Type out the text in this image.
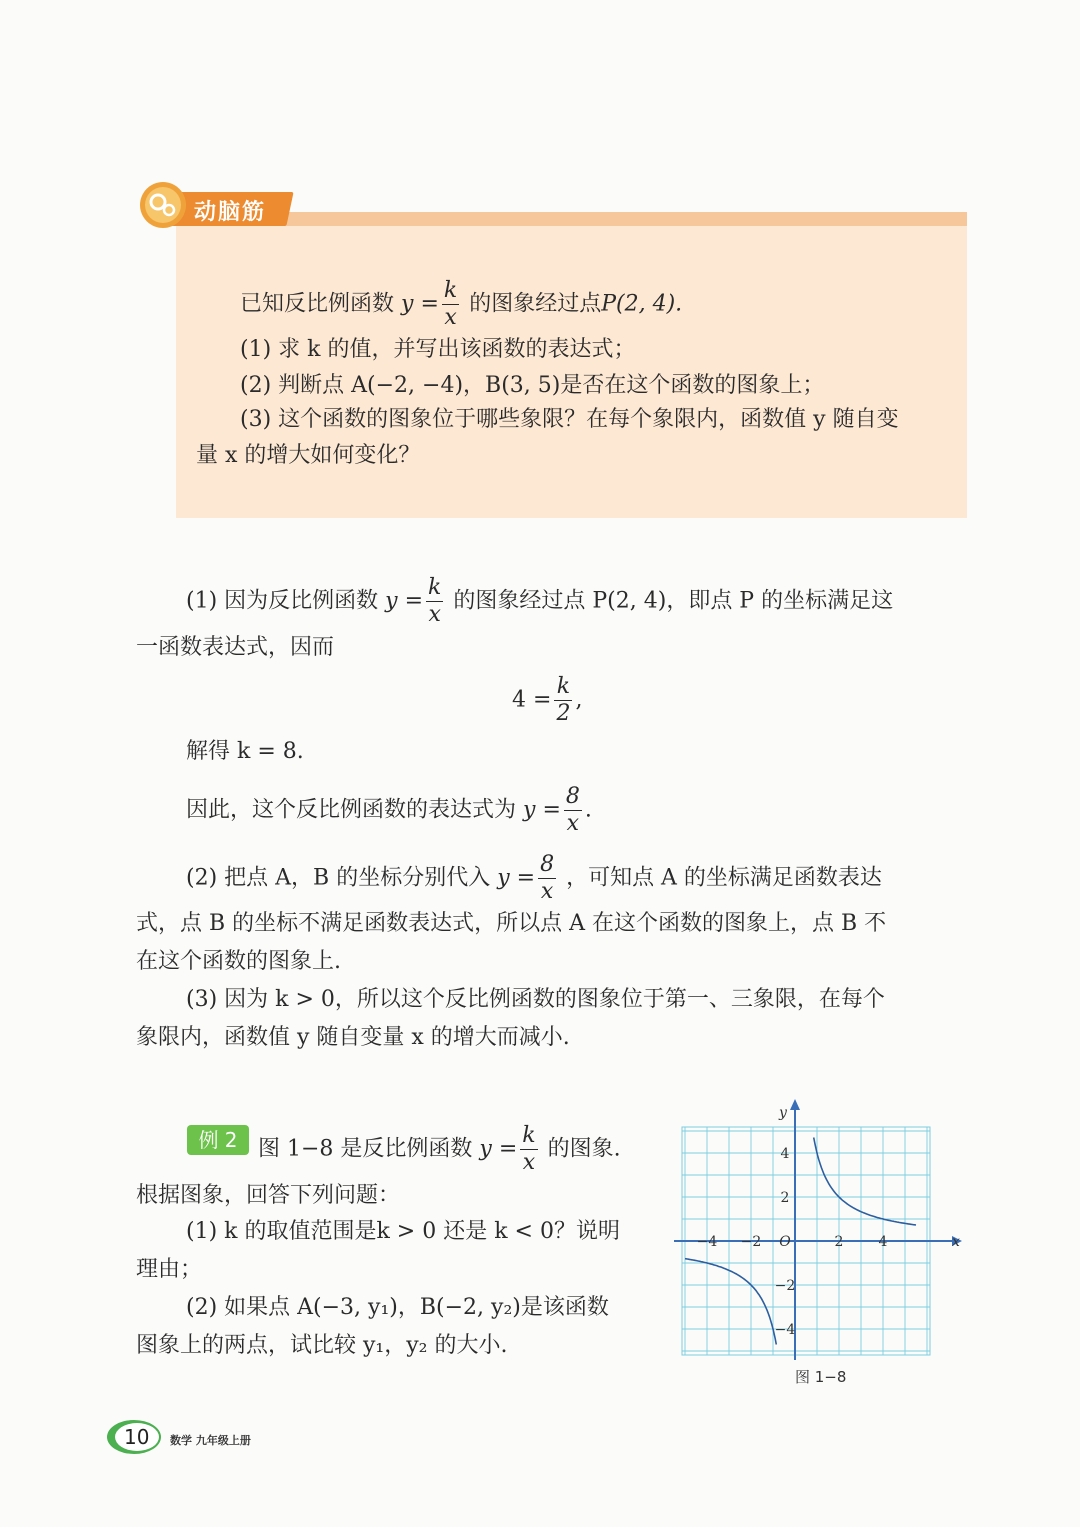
动脑筋
已知反比例函数 $y = \frac{k}{x}$ 的图象经过点P(2, 4).
(1) 求 k 的值，并写出该函数的表达式；
(2) 判断点 A(−2, −4)，B(3, 5)是否在这个函数的图象上；
(3) 这个函数的图象位于哪些象限？在每个象限内，函数值 y 随自变
量 x 的增大如何变化？
(1) 因为反比例函数 $y = \frac{k}{x}$ 的图象经过点 P(2, 4)，即点 P 的坐标满足这
一函数表达式，因而
$4 = \frac{k}{2}$ ,
解得 k = 8.
因此，这个反比例函数的表达式为 $y = \frac{8}{x}$ .
(2) 把点 A，B 的坐标分别代入 $y = \frac{8}{x}$ ，可知点 A 的坐标满足函数表达
式，点 B 的坐标不满足函数表达式，所以点 A 在这个函数的图象上，点 B 不
在这个函数的图象上.
(3) 因为 k > 0，所以这个反比例函数的图象位于第一、三象限，在每个
象限内，函数值 y 随自变量 x 的增大而减小.
例 2 图 1−8 是反比例函数 $y = \frac{k}{x}$ 的图象.
根据图象，回答下列问题：
(1) k 的取值范围是k > 0 还是 k < 0？说明
理由；
(2) 如果点 A(−3, y₁)，B(−2, y₂)是该函数
图象上的两点，试比较 y₁，y₂ 的大小.
−4 −2	2	4
4
2
−2
−4
O	x
y
图 1−8
10 数学 九年级上册
